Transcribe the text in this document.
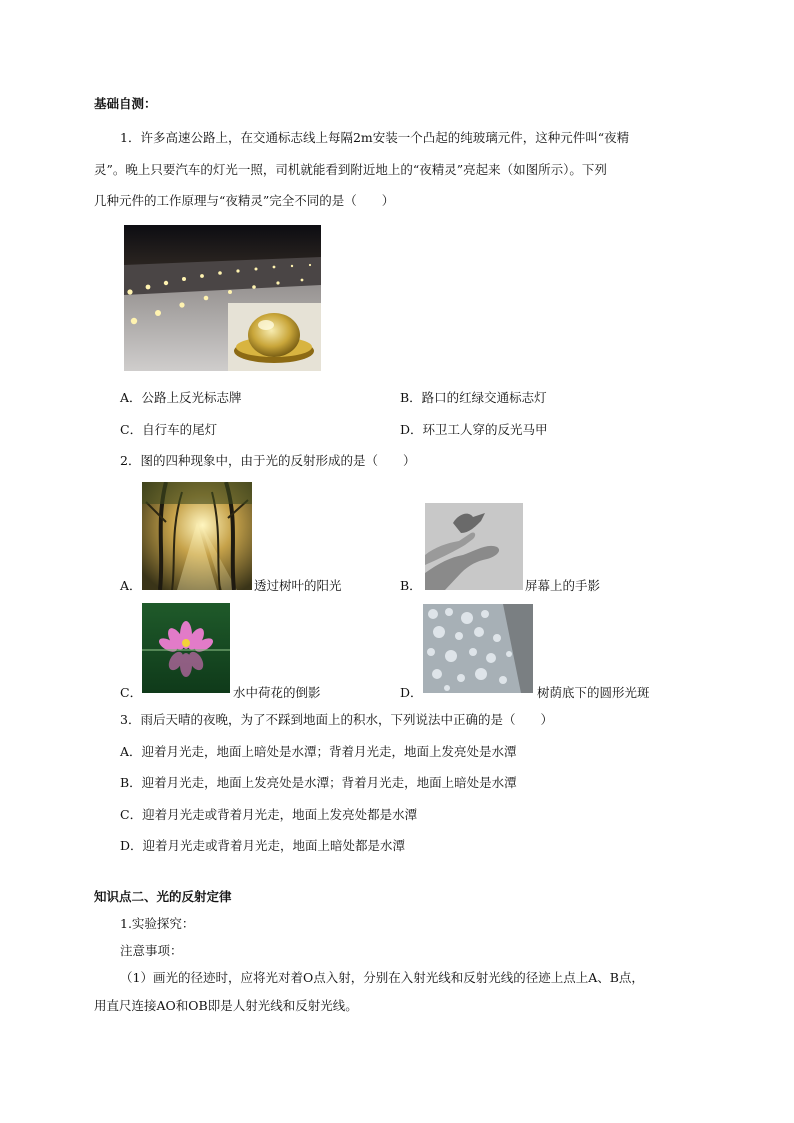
基础自测：
1．许多高速公路上，在交通标志线上每隔2m安装一个凸起的纯玻璃元件，这种元件叫“夜精
灵”。晚上只要汽车的灯光一照，司机就能看到附近地上的“夜精灵”亮起来（如图所示）。下列
几种元件的工作原理与“夜精灵”完全不同的是（　　）
A．公路上反光标志牌	B．路口的红绿交通标志灯
C．自行车的尾灯	D．环卫工人穿的反光马甲
2．图的四种现象中，由于光的反射形成的是（　　）
A．	透过树叶的阳光	B．	屏幕上的手影
C．	水中荷花的倒影	D．	树荫底下的圆形光斑
3．雨后天晴的夜晚，为了不踩到地面上的积水，下列说法中正确的是（　　）
A．迎着月光走，地面上暗处是水潭；背着月光走，地面上发亮处是水潭
B．迎着月光走，地面上发亮处是水潭；背着月光走，地面上暗处是水潭
C．迎着月光走或背着月光走，地面上发亮处都是水潭
D．迎着月光走或背着月光走，地面上暗处都是水潭
知识点二、光的反射定律
1.实验探究：
注意事项：
（1）画光的径迹时，应将光对着O点入射，分别在入射光线和反射光线的径迹上点上A、B点，
用直尺连接AO和OB即是人射光线和反射光线。
